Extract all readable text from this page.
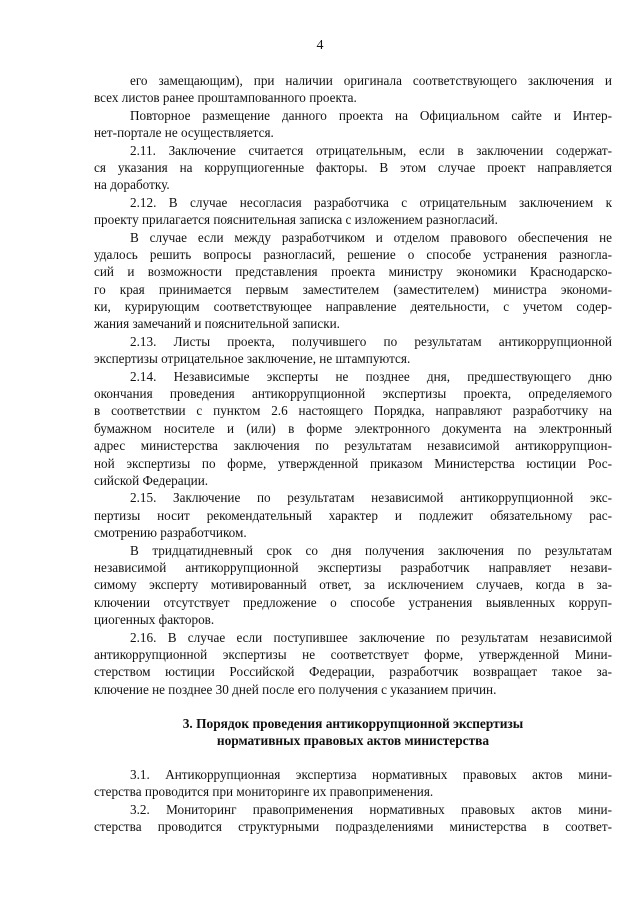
4
его замещающим), при наличии оригинала соответствующего заключения и
всех листов ранее проштампованного проекта.
Повторное размещение данного проекта на Официальном сайте и Интер-
нет-портале не осуществляется.
2.11. Заключение считается отрицательным, если в заключении содержат-
ся указания на коррупциогенные факторы. В этом случае проект направляется
на доработку.
2.12. В случае несогласия разработчика с отрицательным заключением к
проекту прилагается пояснительная записка с изложением разногласий.
В случае если между разработчиком и отделом правового обеспечения не
удалось решить вопросы разногласий, решение о способе устранения разногла-
сий и возможности представления проекта министру экономики Краснодарско-
го края принимается первым заместителем (заместителем) министра экономи-
ки, курирующим соответствующее направление деятельности, с учетом содер-
жания замечаний и пояснительной записки.
2.13. Листы проекта, получившего по результатам антикоррупционной
экспертизы отрицательное заключение, не штампуются.
2.14. Независимые эксперты не позднее дня, предшествующего дню
окончания проведения антикоррупционной экспертизы проекта, определяемого
в соответствии с пунктом 2.6 настоящего Порядка, направляют разработчику на
бумажном носителе и (или) в форме электронного документа на электронный
адрес министерства заключения по результатам независимой антикоррупцион-
ной экспертизы по форме, утвержденной приказом Министерства юстиции Рос-
сийской Федерации.
2.15. Заключение по результатам независимой антикоррупционной экс-
пертизы носит рекомендательный характер и подлежит обязательному рас-
смотрению разработчиком.
В тридцатидневный срок со дня получения заключения по результатам
независимой антикоррупционной экспертизы разработчик направляет незави-
симому эксперту мотивированный ответ, за исключением случаев, когда в за-
ключении отсутствует предложение о способе устранения выявленных корруп-
циогенных факторов.
2.16. В случае если поступившее заключение по результатам независимой
антикоррупционной экспертизы не соответствует форме, утвержденной Мини-
стерством юстиции Российской Федерации, разработчик возвращает такое за-
ключение не позднее 30 дней после его получения с указанием причин.
3. Порядок проведения антикоррупционной экспертизы
нормативных правовых актов министерства
3.1. Антикоррупционная экспертиза нормативных правовых актов мини-
стерства проводится при мониторинге их правоприменения.
3.2. Мониторинг правоприменения нормативных правовых актов мини-
стерства проводится структурными подразделениями министерства в соответ-
